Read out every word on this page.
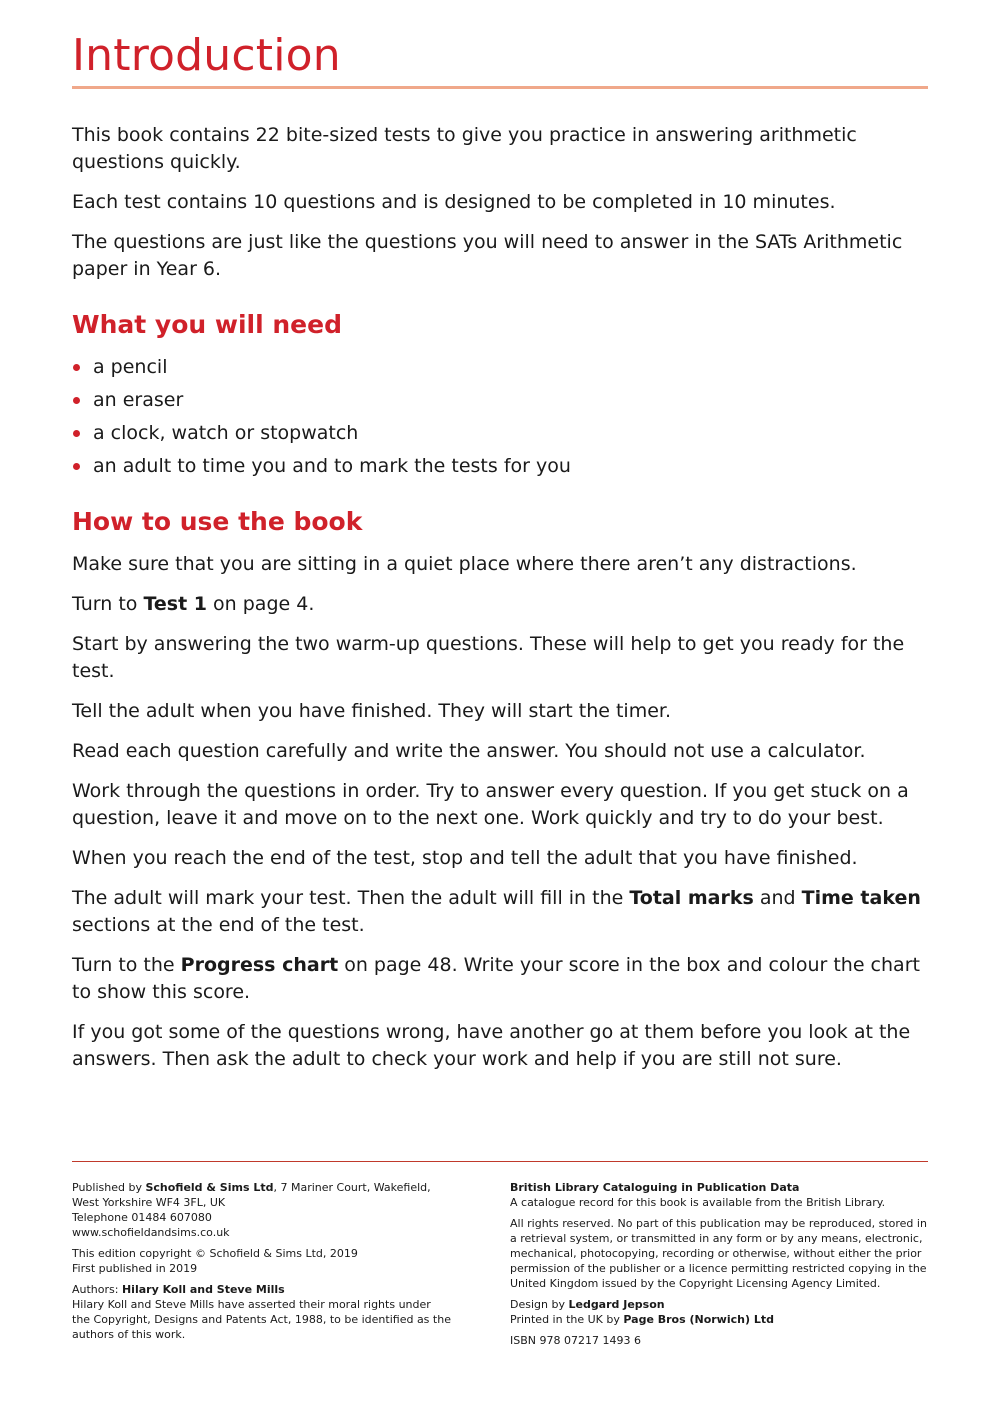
Introduction

This book contains 22 bite-sized tests to give you practice in answering arithmetic questions quickly.

Each test contains 10 questions and is designed to be completed in 10 minutes.

The questions are just like the questions you will need to answer in the SATs Arithmetic paper in Year 6.

What you will need
a pencil
an eraser
a clock, watch or stopwatch
an adult to time you and to mark the tests for you
How to use the book

Make sure that you are sitting in a quiet place where there aren’t any distractions.

Turn to Test 1 on page 4.

Start by answering the two warm-up questions. These will help to get you ready for the test.

Tell the adult when you have finished. They will start the timer.

Read each question carefully and write the answer. You should not use a calculator.

Work through the questions in order. Try to answer every question. If you get stuck on a question, leave it and move on to the next one. Work quickly and try to do your best.

When you reach the end of the test, stop and tell the adult that you have finished.

The adult will mark your test. Then the adult will fill in the Total marks and Time taken sections at the end of the test.

Turn to the Progress chart on page 48. Write your score in the box and colour the chart to show this score.

If you got some of the questions wrong, have another go at them before you look at the answers. Then ask the adult to check your work and help if you are still not sure.

Published by Schofield & Sims Ltd, 7 Mariner Court, Wakefield,
West Yorkshire WF4 3FL, UK
Telephone 01484 607080
www.schofieldandsims.co.uk
This edition copyright © Schofield & Sims Ltd, 2019
First published in 2019
Authors: Hilary Koll and Steve Mills
Hilary Koll and Steve Mills have asserted their moral rights under the Copyright, Designs and Patents Act, 1988, to be identified as the authors of this work.
British Library Cataloguing in Publication Data
A catalogue record for this book is available from the British Library.
All rights reserved. No part of this publication may be reproduced, stored in a retrieval system, or transmitted in any form or by any means, electronic, mechanical, photocopying, recording or otherwise, without either the prior permission of the publisher or a licence permitting restricted copying in the United Kingdom issued by the Copyright Licensing Agency Limited.
Design by Ledgard Jepson
Printed in the UK by Page Bros (Norwich) Ltd
ISBN 978 07217 1493 6
